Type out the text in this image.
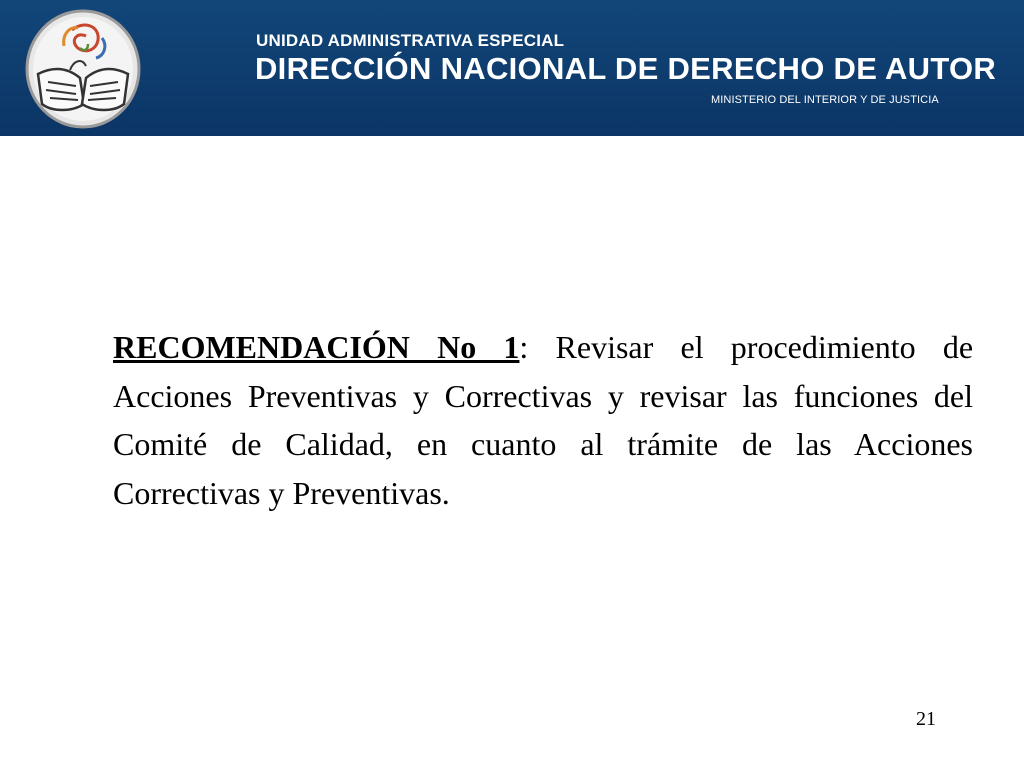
UNIDAD ADMINISTRATIVA ESPECIAL
DIRECCIÓN NACIONAL DE DERECHO DE AUTOR
MINISTERIO DEL INTERIOR Y DE JUSTICIA
RECOMENDACIÓN No 1: Revisar el procedimiento de Acciones Preventivas y Correctivas y revisar las funciones del Comité de Calidad, en cuanto al trámite de las Acciones Correctivas y Preventivas.
21
